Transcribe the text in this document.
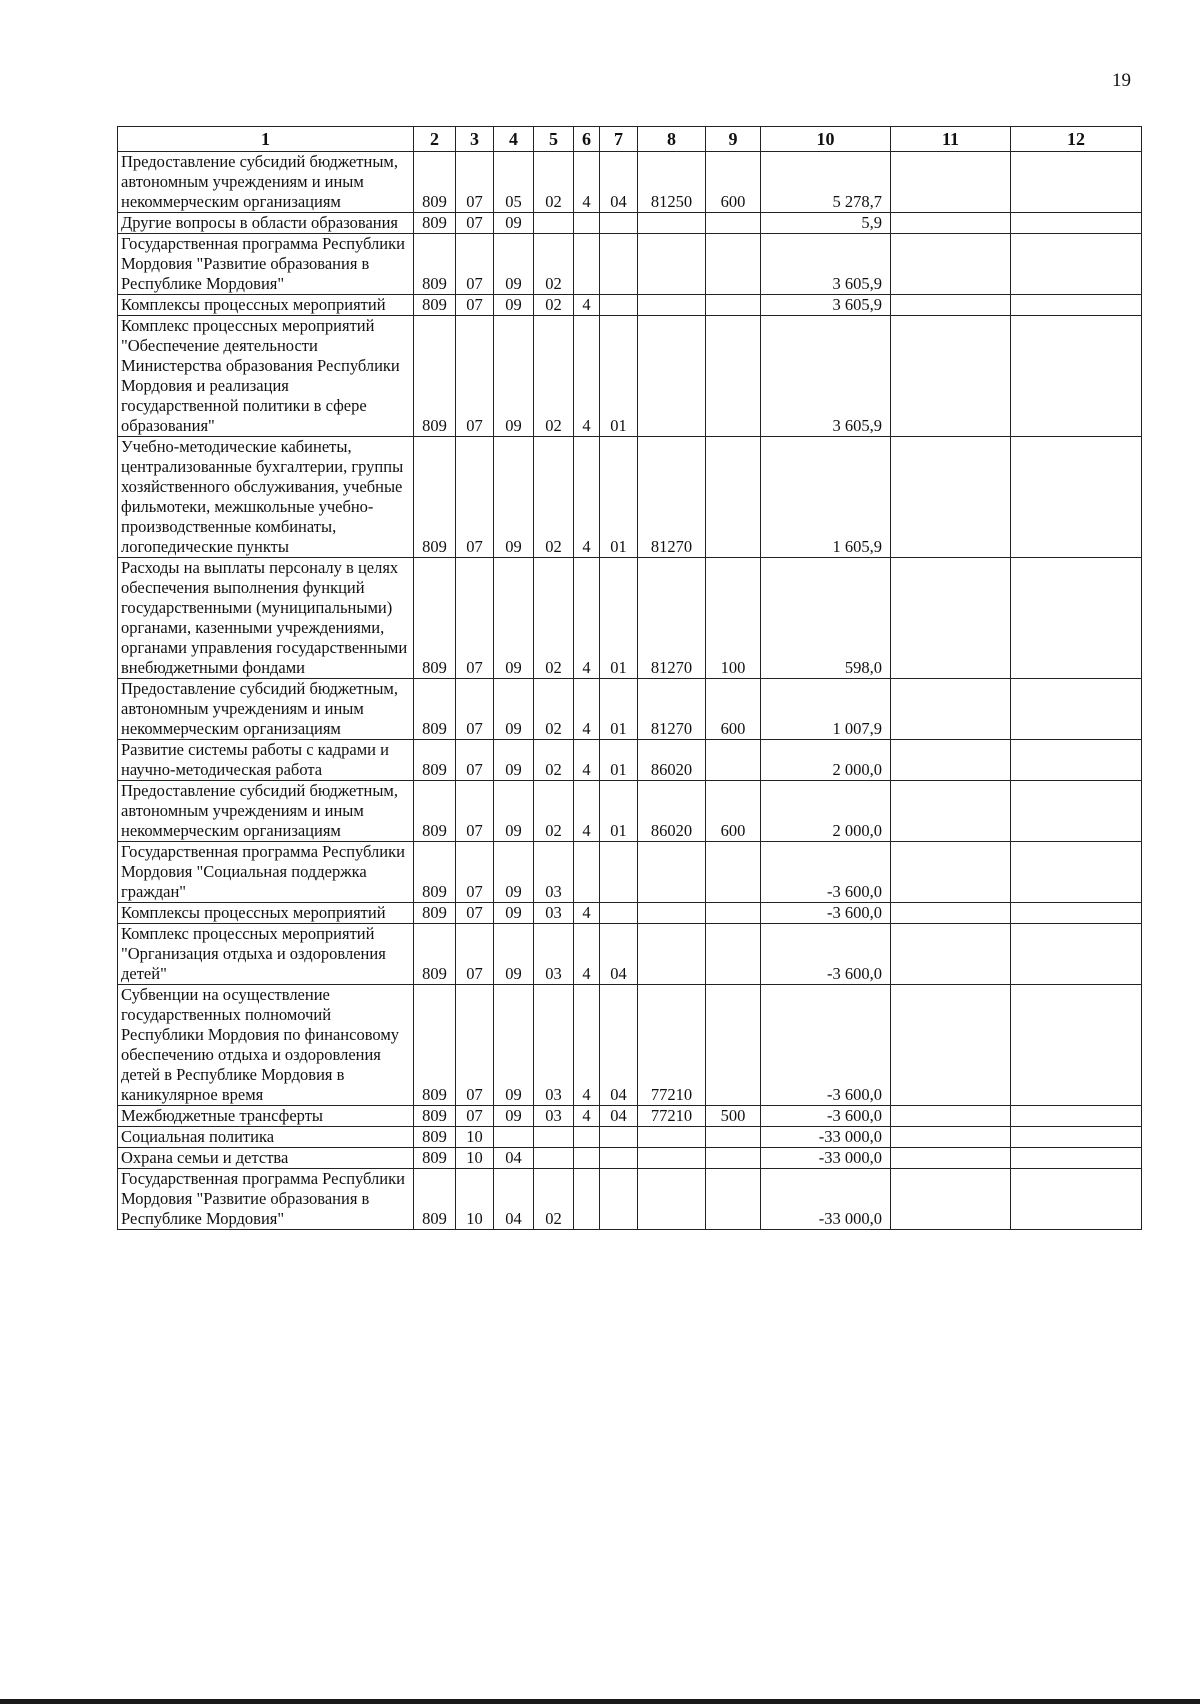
19
1	2	3	4	5	6	7	8	9	10	11	12
Предоставление субсидий бюджетным, автономным учреждениям и иным некоммерческим организациям	809	07	05	02	4	04	81250	600	5 278,7		
Другие вопросы в области образования	809	07	09						5,9		
Государственная программа Республики Мордовия "Развитие образования в Республике Мордовия"	809	07	09	02					3 605,9		
Комплексы процессных мероприятий	809	07	09	02	4				3 605,9		
Комплекс процессных мероприятий "Обеспечение деятельности Министерства образования Республики Мордовия и реализация государственной политики в сфере образования"	809	07	09	02	4	01			3 605,9		
Учебно-методические кабинеты, централизованные бухгалтерии, группы хозяйственного обслуживания, учебные фильмотеки, межшкольные учебно-производственные комбинаты, логопедические пункты	809	07	09	02	4	01	81270		1 605,9		
Расходы на выплаты персоналу в целях обеспечения выполнения функций государственными (муниципальными) органами, казенными учреждениями, органами управления государственными внебюджетными фондами	809	07	09	02	4	01	81270	100	598,0		
Предоставление субсидий бюджетным, автономным учреждениям и иным некоммерческим организациям	809	07	09	02	4	01	81270	600	1 007,9		
Развитие системы работы с кадрами и научно-методическая работа	809	07	09	02	4	01	86020		2 000,0		
Предоставление субсидий бюджетным, автономным учреждениям и иным некоммерческим организациям	809	07	09	02	4	01	86020	600	2 000,0		
Государственная программа Республики Мордовия "Социальная поддержка граждан"	809	07	09	03					-3 600,0		
Комплексы процессных мероприятий	809	07	09	03	4				-3 600,0		
Комплекс процессных мероприятий "Организация отдыха и оздоровления детей"	809	07	09	03	4	04			-3 600,0		
Субвенции на осуществление государственных полномочий Республики Мордовия по финансовому обеспечению отдыха и оздоровления детей в Республике Мордовия в каникулярное время	809	07	09	03	4	04	77210		-3 600,0		
Межбюджетные трансферты	809	07	09	03	4	04	77210	500	-3 600,0		
Социальная политика	809	10							-33 000,0		
Охрана семьи и детства	809	10	04						-33 000,0		
Государственная программа Республики Мордовия "Развитие образования в Республике Мордовия"	809	10	04	02					-33 000,0		
